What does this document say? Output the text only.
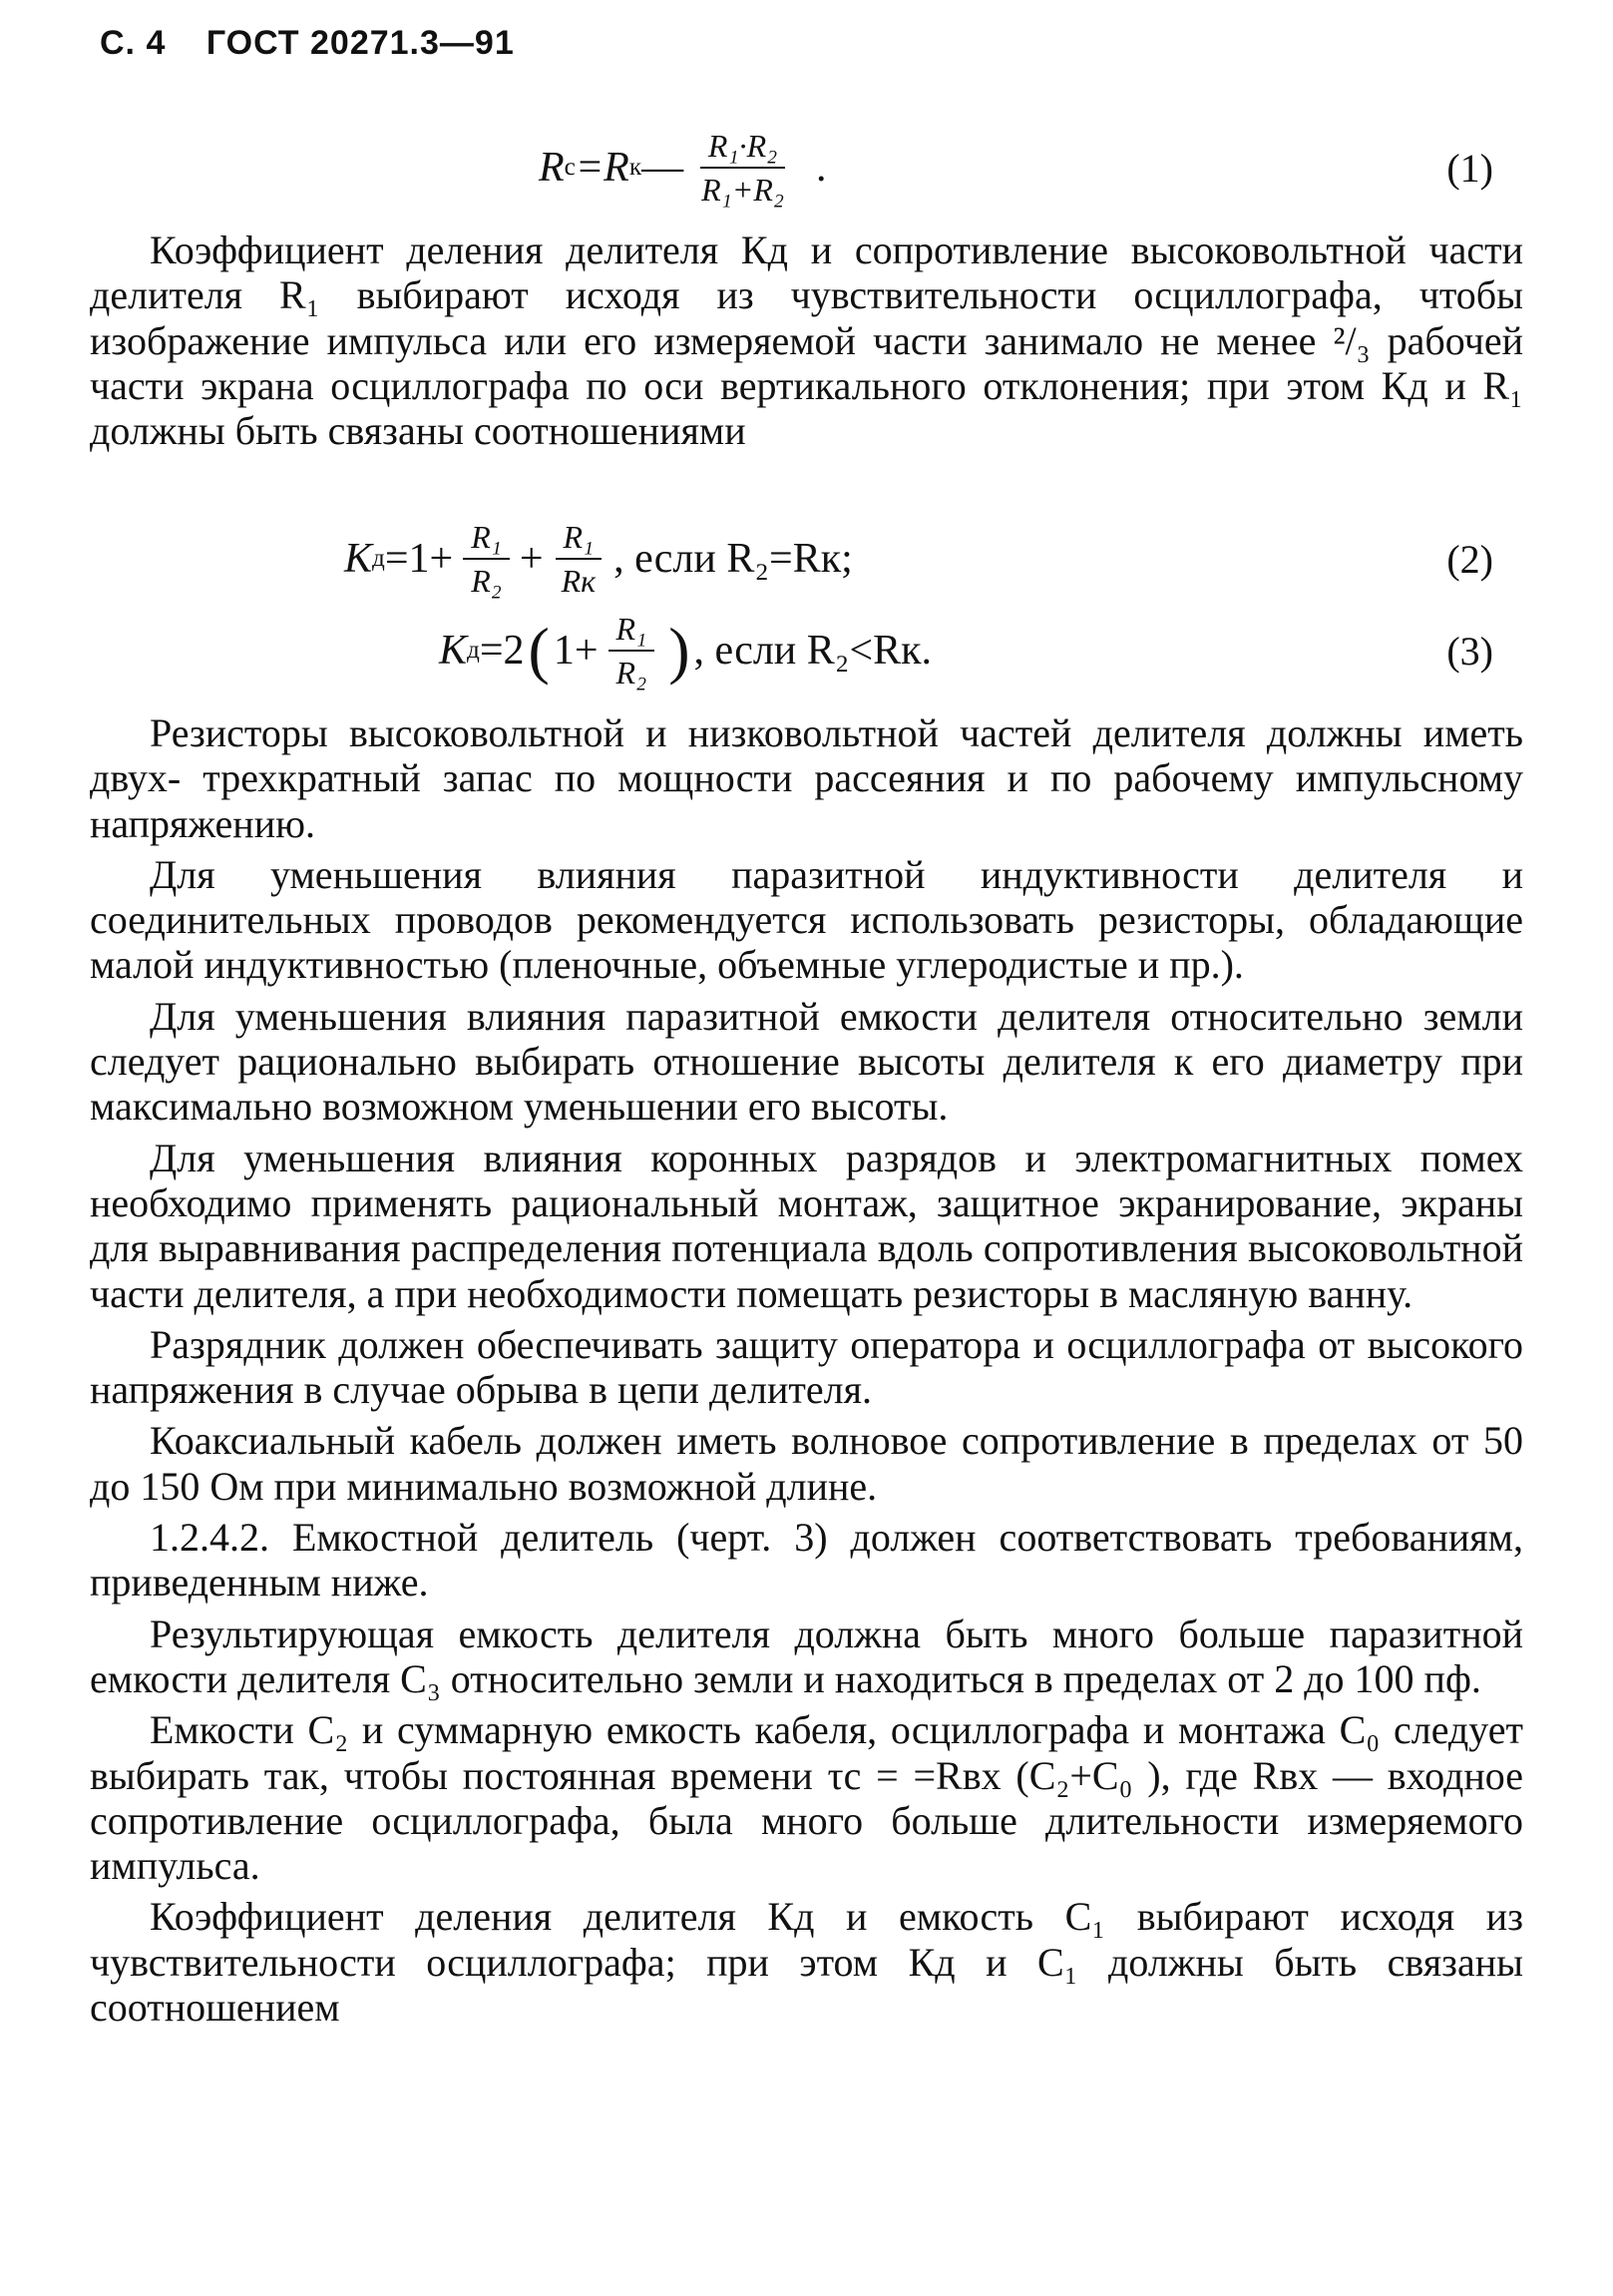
С. 4 ГОСТ 20271.3—91
R c =R к — $\frac{\text{R₁·R₂}}{\text{R₁+R₂}}$ .	(1)

Коэффициент деления делителя Кд и сопротивление высоковольтной части делителя R₁ выбирают исходя из чувствительности осциллографа, чтобы изображение импульса или его измеряемой части занимало не менее ²/₃ рабочей части экрана осциллографа по оси вертикального отклонения; при этом Кд и R₁ должны быть связаны соотношениями

K $д =1+ \frac{\text{R₁}}{\text{R₂}} + \frac{\text{R₁}}{Rк}$ , если R₂=Rк;	(2)
K д =2 ( $1+ \frac{\text{R₁}}{\text{R₂}}$ ) , если R₂<Rк.	(3)

Резисторы высоковольтной и низковольтной частей делителя должны иметь двух- трехкратный запас по мощности рассеяния и по рабочему импульсному напряжению.

Для уменьшения влияния паразитной индуктивности делителя и соединительных проводов рекомендуется использовать резисторы, обладающие малой индуктивностью (пленочные, объемные углеродистые и пр.).

Для уменьшения влияния паразитной емкости делителя относительно земли следует рационально выбирать отношение высоты делителя к его диаметру при максимально возможном уменьшении его высоты.

Для уменьшения влияния коронных разрядов и электромагнитных помех необходимо применять рациональный монтаж, защитное экранирование, экраны для выравнивания распределения потенциала вдоль сопротивления высоковольтной части делителя, а при необходимости помещать резисторы в масляную ванну.

Разрядник должен обеспечивать защиту оператора и осциллографа от высокого напряжения в случае обрыва в цепи делителя.

Коаксиальный кабель должен иметь волновое сопротивление в пределах от 50 до 150 Ом при минимально возможной длине.

1.2.4.2. Емкостной делитель (черт. 3) должен соответствовать требованиям, приведенным ниже.

Результирующая емкость делителя должна быть много больше паразитной емкости делителя С₃ относительно земли и находиться в пределах от 2 до 100 пф.

Емкости С₂ и суммарную емкость кабеля, осциллографа и монтажа С₀ следует выбирать так, чтобы постоянная времени τс = =Rвх (С₂+С₀ ), где Rвх — входное сопротивление осциллографа, была много больше длительности измеряемого импульса.

Коэффициент деления делителя Кд и емкость С₁ выбирают исходя из чувствительности осциллографа; при этом Кд и С₁ должны быть связаны соотношением
